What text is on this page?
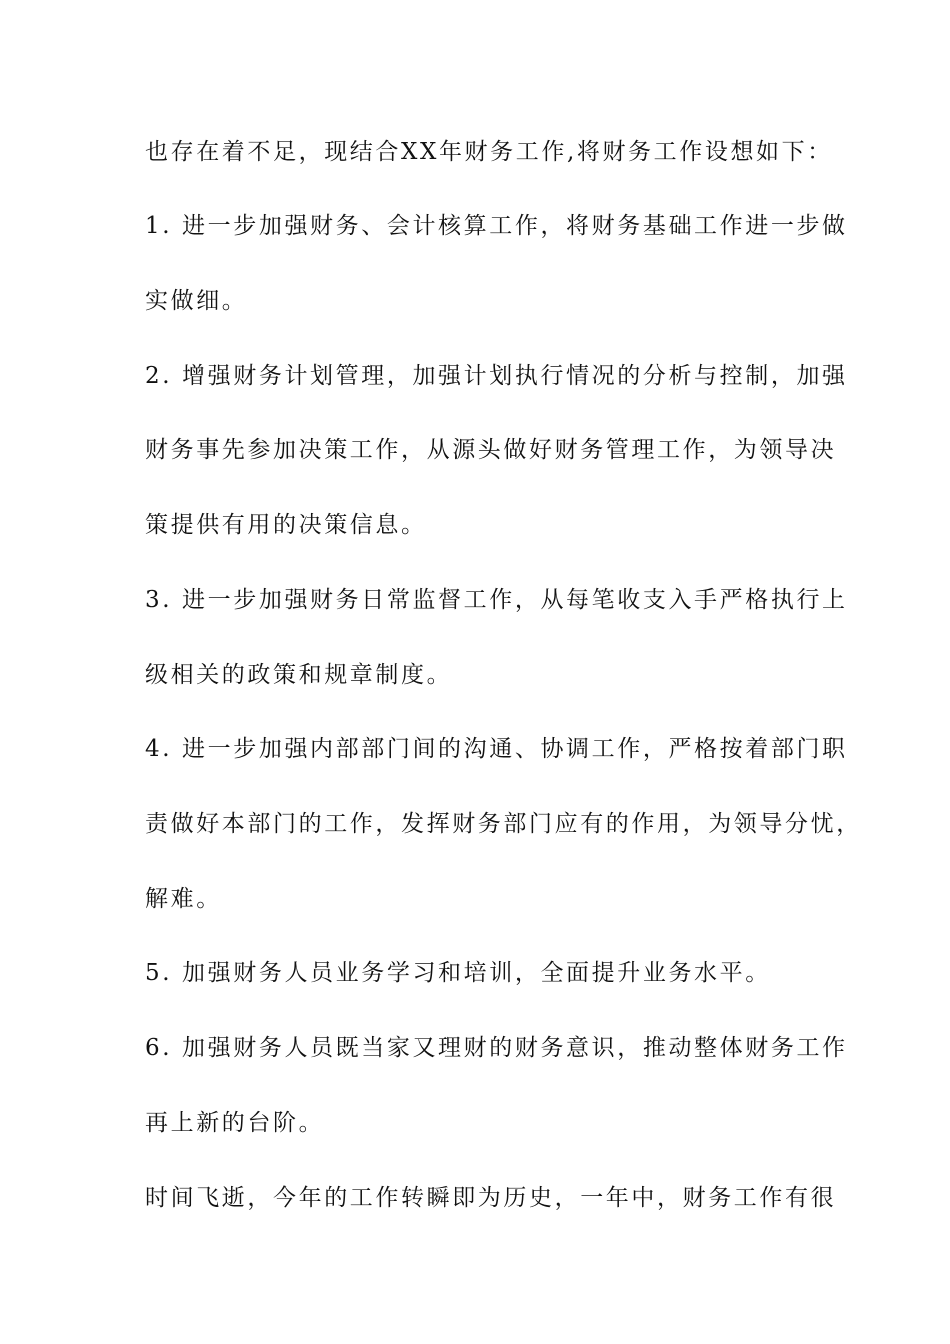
也存在着不足，现结合XX年财务工作,将财务工作设想如下：
1. 进一步加强财务、会计核算工作，将财务基础工作进一步做
实做细。
2. 增强财务计划管理，加强计划执行情况的分析与控制，加强
财务事先参加决策工作，从源头做好财务管理工作，为领导决
策提供有用的决策信息。
3. 进一步加强财务日常监督工作，从每笔收支入手严格执行上
级相关的政策和规章制度。
4. 进一步加强内部部门间的沟通、协调工作，严格按着部门职
责做好本部门的工作，发挥财务部门应有的作用，为领导分忧，
解难。
5. 加强财务人员业务学习和培训，全面提升业务水平。
6. 加强财务人员既当家又理财的财务意识，推动整体财务工作
再上新的台阶。
时间飞逝，今年的工作转瞬即为历史，一年中，财务工作有很
